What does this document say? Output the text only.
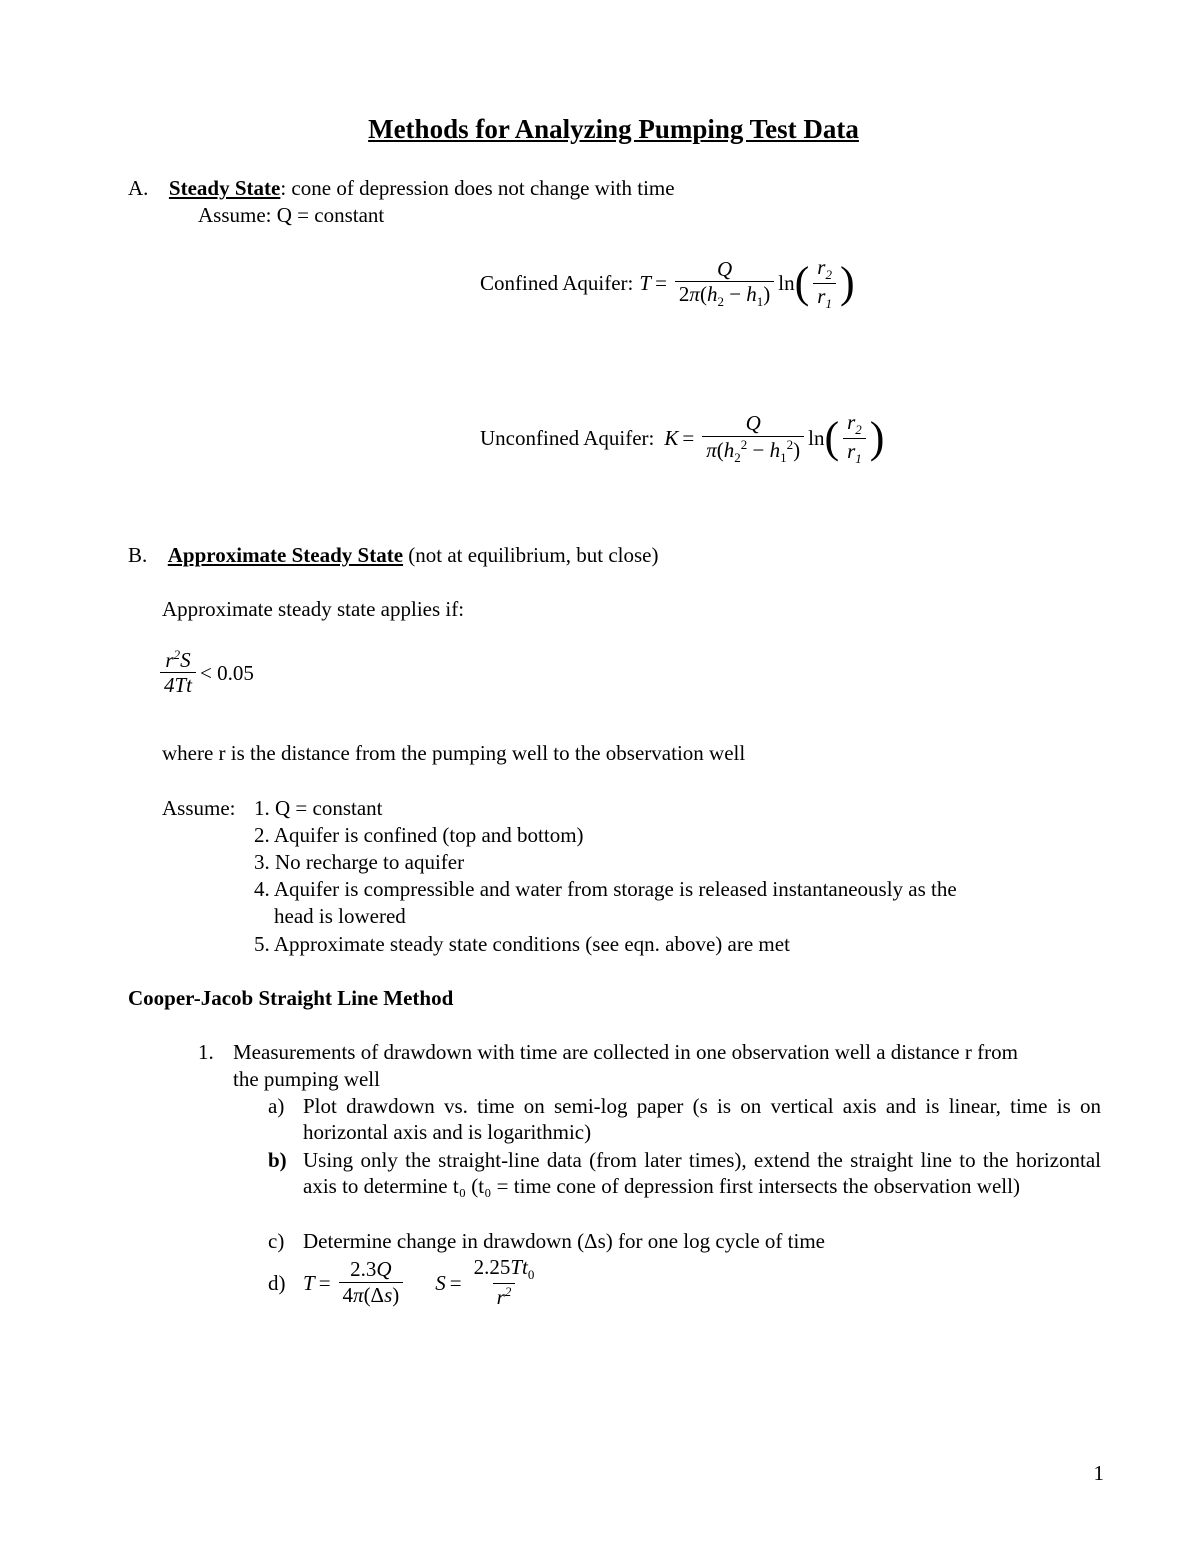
Methods for Analyzing Pumping Test Data
A. Steady State: cone of depression does not change with time
Assume: Q = constant
Confined Aquifer: $T = \frac{Q}{2\pi(h_2 - h_1)}$ ln ( $\frac{r_2}{r_1}$ )
Unconfined Aquifer: $K = \frac{Q}{\pi(h_2^2 - h_1^2)}$ ln ( $\frac{r_2}{r_1}$ )
B. Approximate Steady State (not at equilibrium, but close)
Approximate steady state applies if:
$\frac{r^2S}{4Tt} < 0.05$
where r is the distance from the pumping well to the observation well
Assume: 1. Q = constant
2. Aquifer is confined (top and bottom)
3. No recharge to aquifer
4. Aquifer is compressible and water from storage is released instantaneously as the
head is lowered
5. Approximate steady state conditions (see eqn. above) are met
Cooper-Jacob Straight Line Method
1. Measurements of drawdown with time are collected in one observation well a distance r from
the pumping well
a) Plot drawdown vs. time on semi-log paper (s is on vertical axis and is linear, time is on horizontal axis and is logarithmic)
b) Using only the straight-line data (from later times), extend the straight line to the horizontal axis to determine t₀ (t₀ = time cone of depression first intersects the observation well)
c) Determine change in drawdown (Δs) for one log cycle of time
d) $T = \frac{2.3Q}{4\pi(\Delta s)}$ $S = \frac{2.25Tt_0}{r^2}$
1
